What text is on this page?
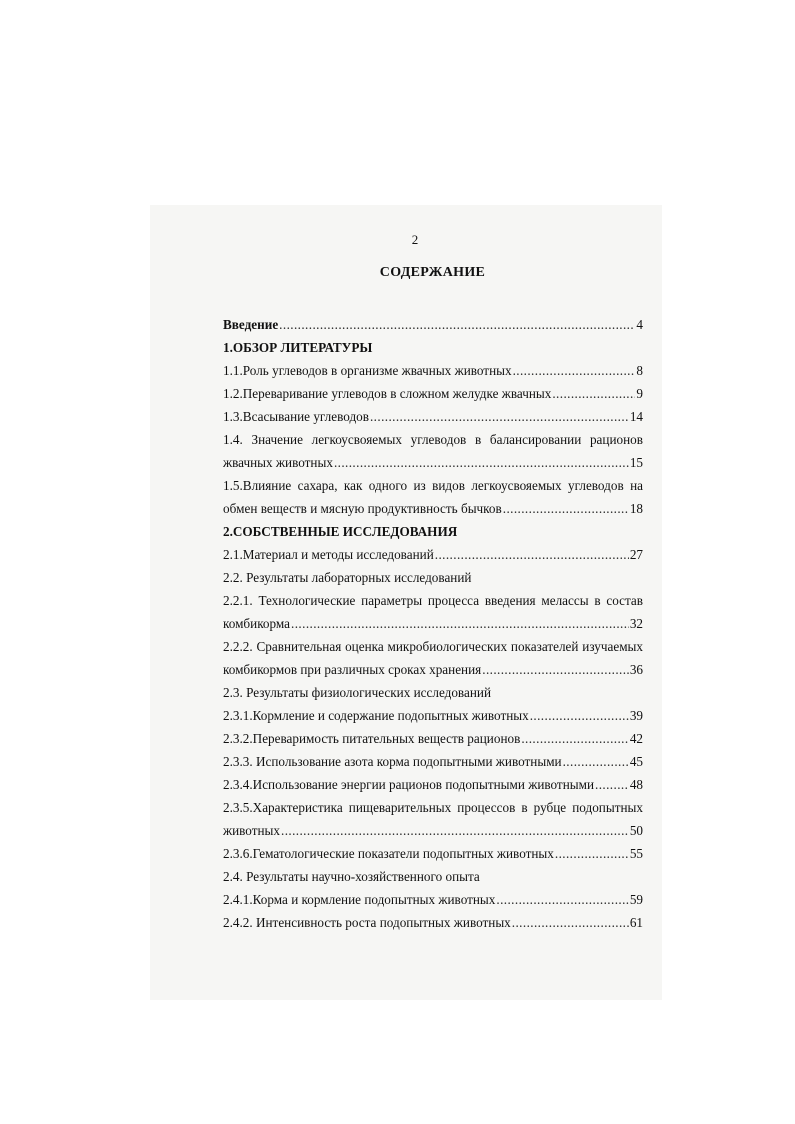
2
СОДЕРЖАНИЕ
Введение .....	4
1.ОБЗОР ЛИТЕРАТУРЫ
1.1.Роль углеводов в организме жвачных животных .....	8
1.2.Переваривание углеводов в сложном желудке жвачных .....	9
1.3.Всасывание углеводов .....	14
1.4. Значение легкоусвояемых углеводов в балансировании рационов
жвачных животных .....	15
1.5.Влияние сахара, как одного из видов легкоусвояемых углеводов на
обмен веществ и мясную продуктивность бычков .....	18
2.СОБСТВЕННЫЕ ИССЛЕДОВАНИЯ
2.1.Материал и методы исследований .....	27
2.2. Результаты лабораторных исследований
2.2.1. Технологические параметры процесса введения мелассы в состав
комбикорма .....	32
2.2.2. Сравнительная оценка микробиологических показателей изучаемых
комбикормов при различных сроках хранения .....	36
2.3. Результаты физиологических исследований
2.3.1.Кормление и содержание подопытных животных .....	39
2.3.2.Переваримость питательных веществ рационов .....	42
2.3.3. Использование азота корма подопытными животными .....	45
2.3.4.Использование энергии рационов подопытными животными .....	48
2.3.5.Характеристика пищеварительных процессов в рубце подопытных
животных .....	50
2.3.6.Гематологические показатели подопытных животных .....	55
2.4. Результаты научно-хозяйственного опыта
2.4.1.Корма и кормление подопытных животных .....	59
2.4.2. Интенсивность роста подопытных животных .....	61
